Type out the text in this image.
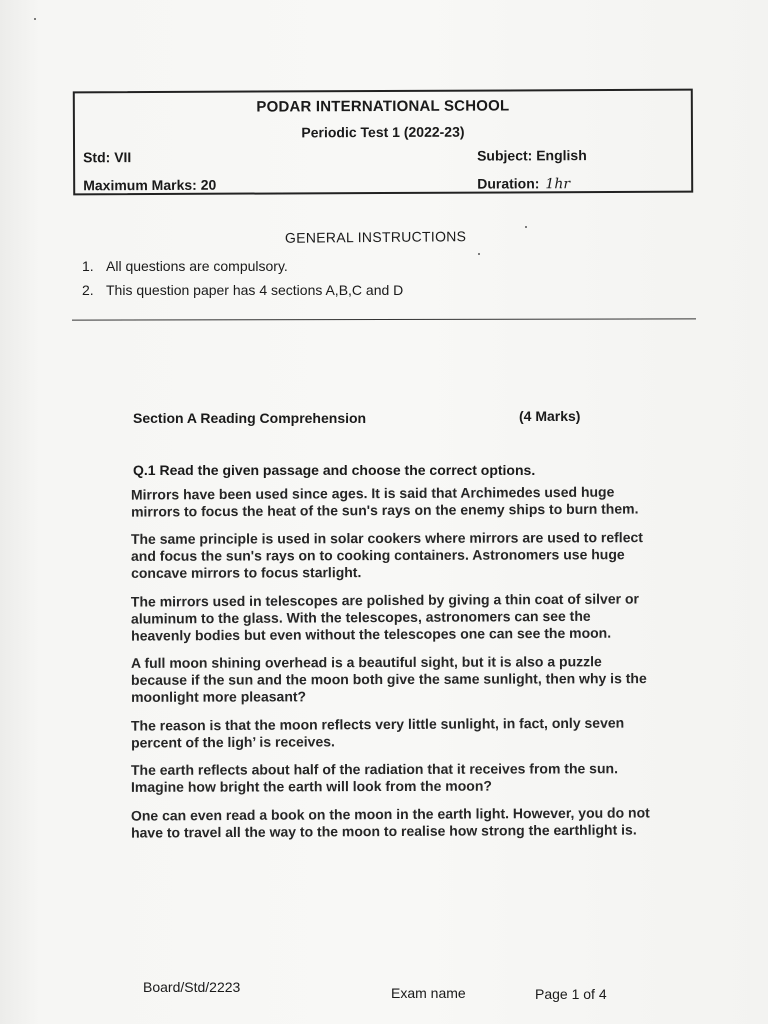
PODAR INTERNATIONAL SCHOOL
Periodic Test 1 (2022-23)
Std: VII	Subject: English
Maximum Marks: 20	Duration: 1hr
GENERAL INSTRUCTIONS
1. All questions are compulsory.
2. This question paper has 4 sections A,B,C and D
Section A Reading Comprehension	(4 Marks)
Q.1 Read the given passage and choose the correct options.

Mirrors have been used since ages. It is said that Archimedes used huge mirrors to focus the heat of the sun's rays on the enemy ships to burn them.

The same principle is used in solar cookers where mirrors are used to reflect and focus the sun's rays on to cooking containers. Astronomers use huge concave mirrors to focus starlight.

The mirrors used in telescopes are polished by giving a thin coat of silver or aluminum to the glass. With the telescopes, astronomers can see the heavenly bodies but even without the telescopes one can see the moon.

A full moon shining overhead is a beautiful sight, but it is also a puzzle because if the sun and the moon both give the same sunlight, then why is the moonlight more pleasant?

The reason is that the moon reflects very little sunlight, in fact, only seven percent of the ligh’ is receives.

The earth reflects about half of the radiation that it receives from the sun. Imagine how bright the earth will look from the moon?

One can even read a book on the moon in the earth light. However, you do not have to travel all the way to the moon to realise how strong the earthlight is.

Board/Std/2223	Exam name	Page 1 of 4
